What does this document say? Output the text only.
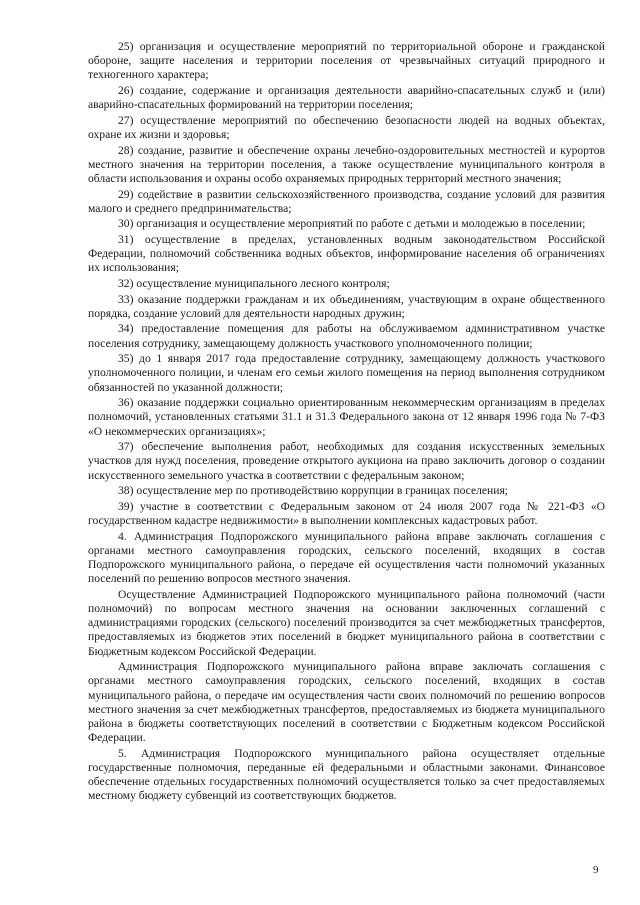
25) организация и осуществление мероприятий по территориальной обороне и гражданской обороне, защите населения и территории поселения от чрезвычайных ситуаций природного и техногенного характера;

26) создание, содержание и организация деятельности аварийно-спасательных служб и (или) аварийно-спасательных формирований на территории поселения;

27) осуществление мероприятий по обеспечению безопасности людей на водных объектах, охране их жизни и здоровья;

28) создание, развитие и обеспечение охраны лечебно-оздоровительных местностей и курортов местного значения на территории поселения, а также осуществление муниципального контроля в области использования и охраны особо охраняемых природных территорий местного значения;

29) содействие в развитии сельскохозяйственного производства, создание условий для развития малого и среднего предпринимательства;

30) организация и осуществление мероприятий по работе с детьми и молодежью в поселении;

31) осуществление в пределах, установленных водным законодательством Российской Федерации, полномочий собственника водных объектов, информирование населения об ограничениях их использования;

32) осуществление муниципального лесного контроля;

33) оказание поддержки гражданам и их объединениям, участвующим в охране общественного порядка, создание условий для деятельности народных дружин;

34) предоставление помещения для работы на обслуживаемом административном участке поселения сотруднику, замещающему должность участкового уполномоченного полиции;

35) до 1 января 2017 года предоставление сотруднику, замещающему должность участкового уполномоченного полиции, и членам его семьи жилого помещения на период выполнения сотрудником обязанностей по указанной должности;

36) оказание поддержки социально ориентированным некоммерческим организациям в пределах полномочий, установленных статьями 31.1 и 31.3 Федерального закона от 12 января 1996 года № 7-ФЗ «О некоммерческих организациях»;

37) обеспечение выполнения работ, необходимых для создания искусственных земельных участков для нужд поселения, проведение открытого аукциона на право заключить договор о создании искусственного земельного участка в соответствии с федеральным законом;

38) осуществление мер по противодействию коррупции в границах поселения;

39) участие в соответствии с Федеральным законом от 24 июля 2007 года № 221-ФЗ «О государственном кадастре недвижимости» в выполнении комплексных кадастровых работ.

4. Администрация Подпорожского муниципального района вправе заключать соглашения с органами местного самоуправления городских, сельского поселений, входящих в состав Подпорожского муниципального района, о передаче ей осуществления части полномочий указанных поселений по решению вопросов местного значения.

Осуществление Администрацией Подпорожского муниципального района полномочий (части полномочий) по вопросам местного значения на основании заключенных соглашений с администрациями городских (сельского) поселений производится за счет межбюджетных трансфертов, предоставляемых из бюджетов этих поселений в бюджет муниципального района в соответствии с Бюджетным кодексом Российской Федерации.

Администрация Подпорожского муниципального района вправе заключать соглашения с органами местного самоуправления городских, сельского поселений, входящих в состав муниципального района, о передаче им осуществления части своих полномочий по решению вопросов местного значения за счет межбюджетных трансфертов, предоставляемых из бюджета муниципального района в бюджеты соответствующих поселений в соответствии с Бюджетным кодексом Российской Федерации.

5. Администрация Подпорожского муниципального района осуществляет отдельные государственные полномочия, переданные ей федеральными и областными законами. Финансовое обеспечение отдельных государственных полномочий осуществляется только за счет предоставляемых местному бюджету субвенций из соответствующих бюджетов.

9
